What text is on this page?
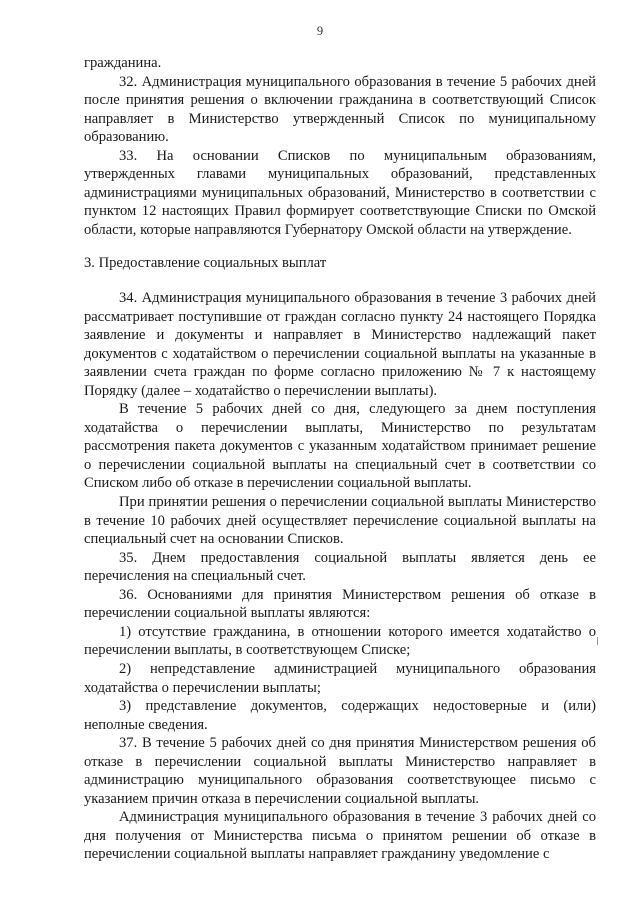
9

гражданина.

32. Администрация муниципального образования в течение 5 рабочих дней после принятия решения о включении гражданина в соответствующий Список направляет в Министерство утвержденный Список по муниципальному образованию.

33. На основании Списков по муниципальным образованиям, утвержденных главами муниципальных образований, представленных администрациями муниципальных образований, Министерство в соответствии с пунктом 12 настоящих Правил формирует соответствующие Списки по Омской области, которые направляются Губернатору Омской области на утверждение.

3. Предоставление социальных выплат

34. Администрация муниципального образования в течение 3 рабочих дней рассматривает поступившие от граждан согласно пункту 24 настоящего Порядка заявление и документы и направляет в Министерство надлежащий пакет документов с ходатайством о перечислении социальной выплаты на указанные в заявлении счета граждан по форме согласно приложению № 7 к настоящему Порядку (далее – ходатайство о перечислении выплаты).

В течение 5 рабочих дней со дня, следующего за днем поступления ходатайства о перечислении выплаты, Министерство по результатам рассмотрения пакета документов с указанным ходатайством принимает решение о перечислении социальной выплаты на специальный счет в соответствии со Списком либо об отказе в перечислении социальной выплаты.

При принятии решения о перечислении социальной выплаты Министерство в течение 10 рабочих дней осуществляет перечисление социальной выплаты на специальный счет на основании Списков.

35. Днем предоставления социальной выплаты является день ее перечисления на специальный счет.

36. Основаниями для принятия Министерством решения об отказе в перечислении социальной выплаты являются:

1) отсутствие гражданина, в отношении которого имеется ходатайство о перечислении выплаты, в соответствующем Списке;

2) непредставление администрацией муниципального образования ходатайства о перечислении выплаты;

3) представление документов, содержащих недостоверные и (или) неполные сведения.

37. В течение 5 рабочих дней со дня принятия Министерством решения об отказе в перечислении социальной выплаты Министерство направляет в администрацию муниципального образования соответствующее письмо с указанием причин отказа в перечислении социальной выплаты.

Администрация муниципального образования в течение 3 рабочих дней со дня получения от Министерства письма о принятом решении об отказе в перечислении социальной выплаты направляет гражданину уведомление с
